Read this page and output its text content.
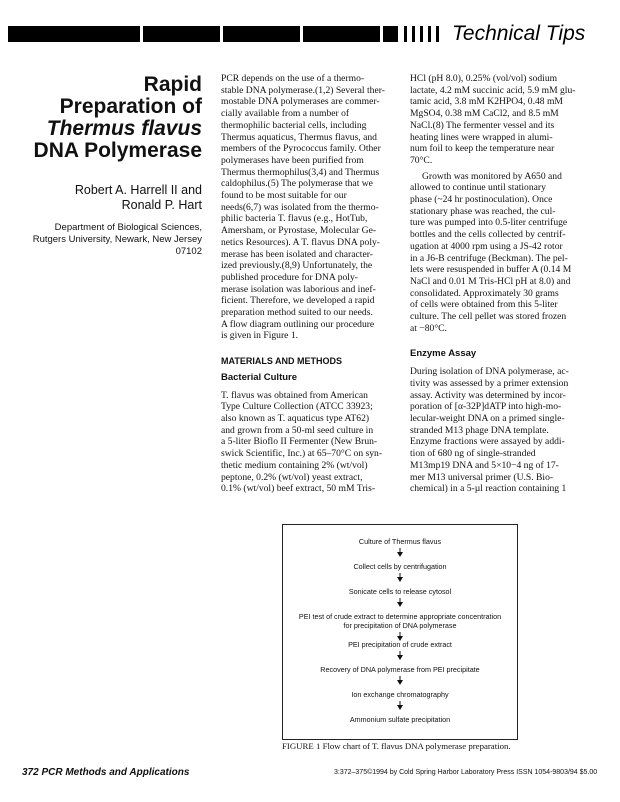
Technical Tips
Rapid
Preparation of
Thermus flavus
DNA Polymerase
Robert A. Harrell II and
Ronald P. Hart
Department of Biological Sciences,
Rutgers University, Newark, New Jersey
07102
PCR depends on the use of a thermo-
stable DNA polymerase.(1,2) Several ther-
mostable DNA polymerases are commer-
cially available from a number of
thermophilic bacterial cells, including
Thermus aquaticus, Thermus flavus, and
members of the Pyrococcus family. Other
polymerases have been purified from
Thermus thermophilus(3,4) and Thermus
caldophilus.(5) The polymerase that we
found to be most suitable for our
needs(6,7) was isolated from the thermo-
philic bacteria T. flavus (e.g., HotTub,
Amersham, or Pyrostase, Molecular Ge-
netics Resources). A T. flavus DNA poly-
merase has been isolated and character-
ized previously.(8,9) Unfortunately, the
published procedure for DNA poly-
merase isolation was laborious and inef-
ficient. Therefore, we developed a rapid
preparation method suited to our needs.
A flow diagram outlining our procedure
is given in Figure 1.
MATERIALS AND METHODS
Bacterial Culture
T. flavus was obtained from American
Type Culture Collection (ATCC 33923;
also known as T. aquaticus type AT62)
and grown from a 50-ml seed culture in
a 5-liter Bioflo II Fermenter (New Brun-
swick Scientific, Inc.) at 65–70°C on syn-
thetic medium containing 2% (wt/vol)
peptone, 0.2% (wt/vol) yeast extract,
0.1% (wt/vol) beef extract, 50 mM Tris-
HCl (pH 8.0), 0.25% (vol/vol) sodium
lactate, 4.2 mM succinic acid, 5.9 mM glu-
tamic acid, 3.8 mM K2HPO4, 0.48 mM
MgSO4, 0.38 mM CaCl2, and 8.5 mM
NaCl.(8) The fermenter vessel and its
heating lines were wrapped in alumi-
num foil to keep the temperature near
70°C.
Growth was monitored by A650 and
allowed to continue until stationary
phase (~24 hr postinoculation). Once
stationary phase was reached, the cul-
ture was pumped into 0.5-liter centrifuge
bottles and the cells collected by centrif-
ugation at 4000 rpm using a JS-42 rotor
in a J6-B centrifuge (Beckman). The pel-
lets were resuspended in buffer A (0.14 M
NaCl and 0.01 M Tris-HCl pH at 8.0) and
consolidated. Approximately 30 grams
of cells were obtained from this 5-liter
culture. The cell pellet was stored frozen
at −80°C.
Enzyme Assay
During isolation of DNA polymerase, ac-
tivity was assessed by a primer extension
assay. Activity was determined by incor-
poration of [α-32P]dATP into high-mo-
lecular-weight DNA on a primed single-
stranded M13 phage DNA template.
Enzyme fractions were assayed by addi-
tion of 680 ng of single-stranded
M13mp19 DNA and 5×10−4 ng of 17-
mer M13 universal primer (U.S. Bio-
chemical) in a 5-µl reaction containing 1
Culture of Thermus flavus
Collect cells by centrifugation
Sonicate cells to release cytosol
PEI test of crude extract to determine appropriate concentration
for precipitation of DNA polymerase
PEI precipitation of crude extract
Recovery of DNA polymerase from PEI precipitate
Ion exchange chromatography
Ammonium sulfate precipitation
FIGURE 1 Flow chart of T. flavus DNA polymerase preparation.
372 PCR Methods and Applications	3:372–375©1994 by Cold Spring Harbor Laboratory Press ISSN 1054-9803/94 $5.00
